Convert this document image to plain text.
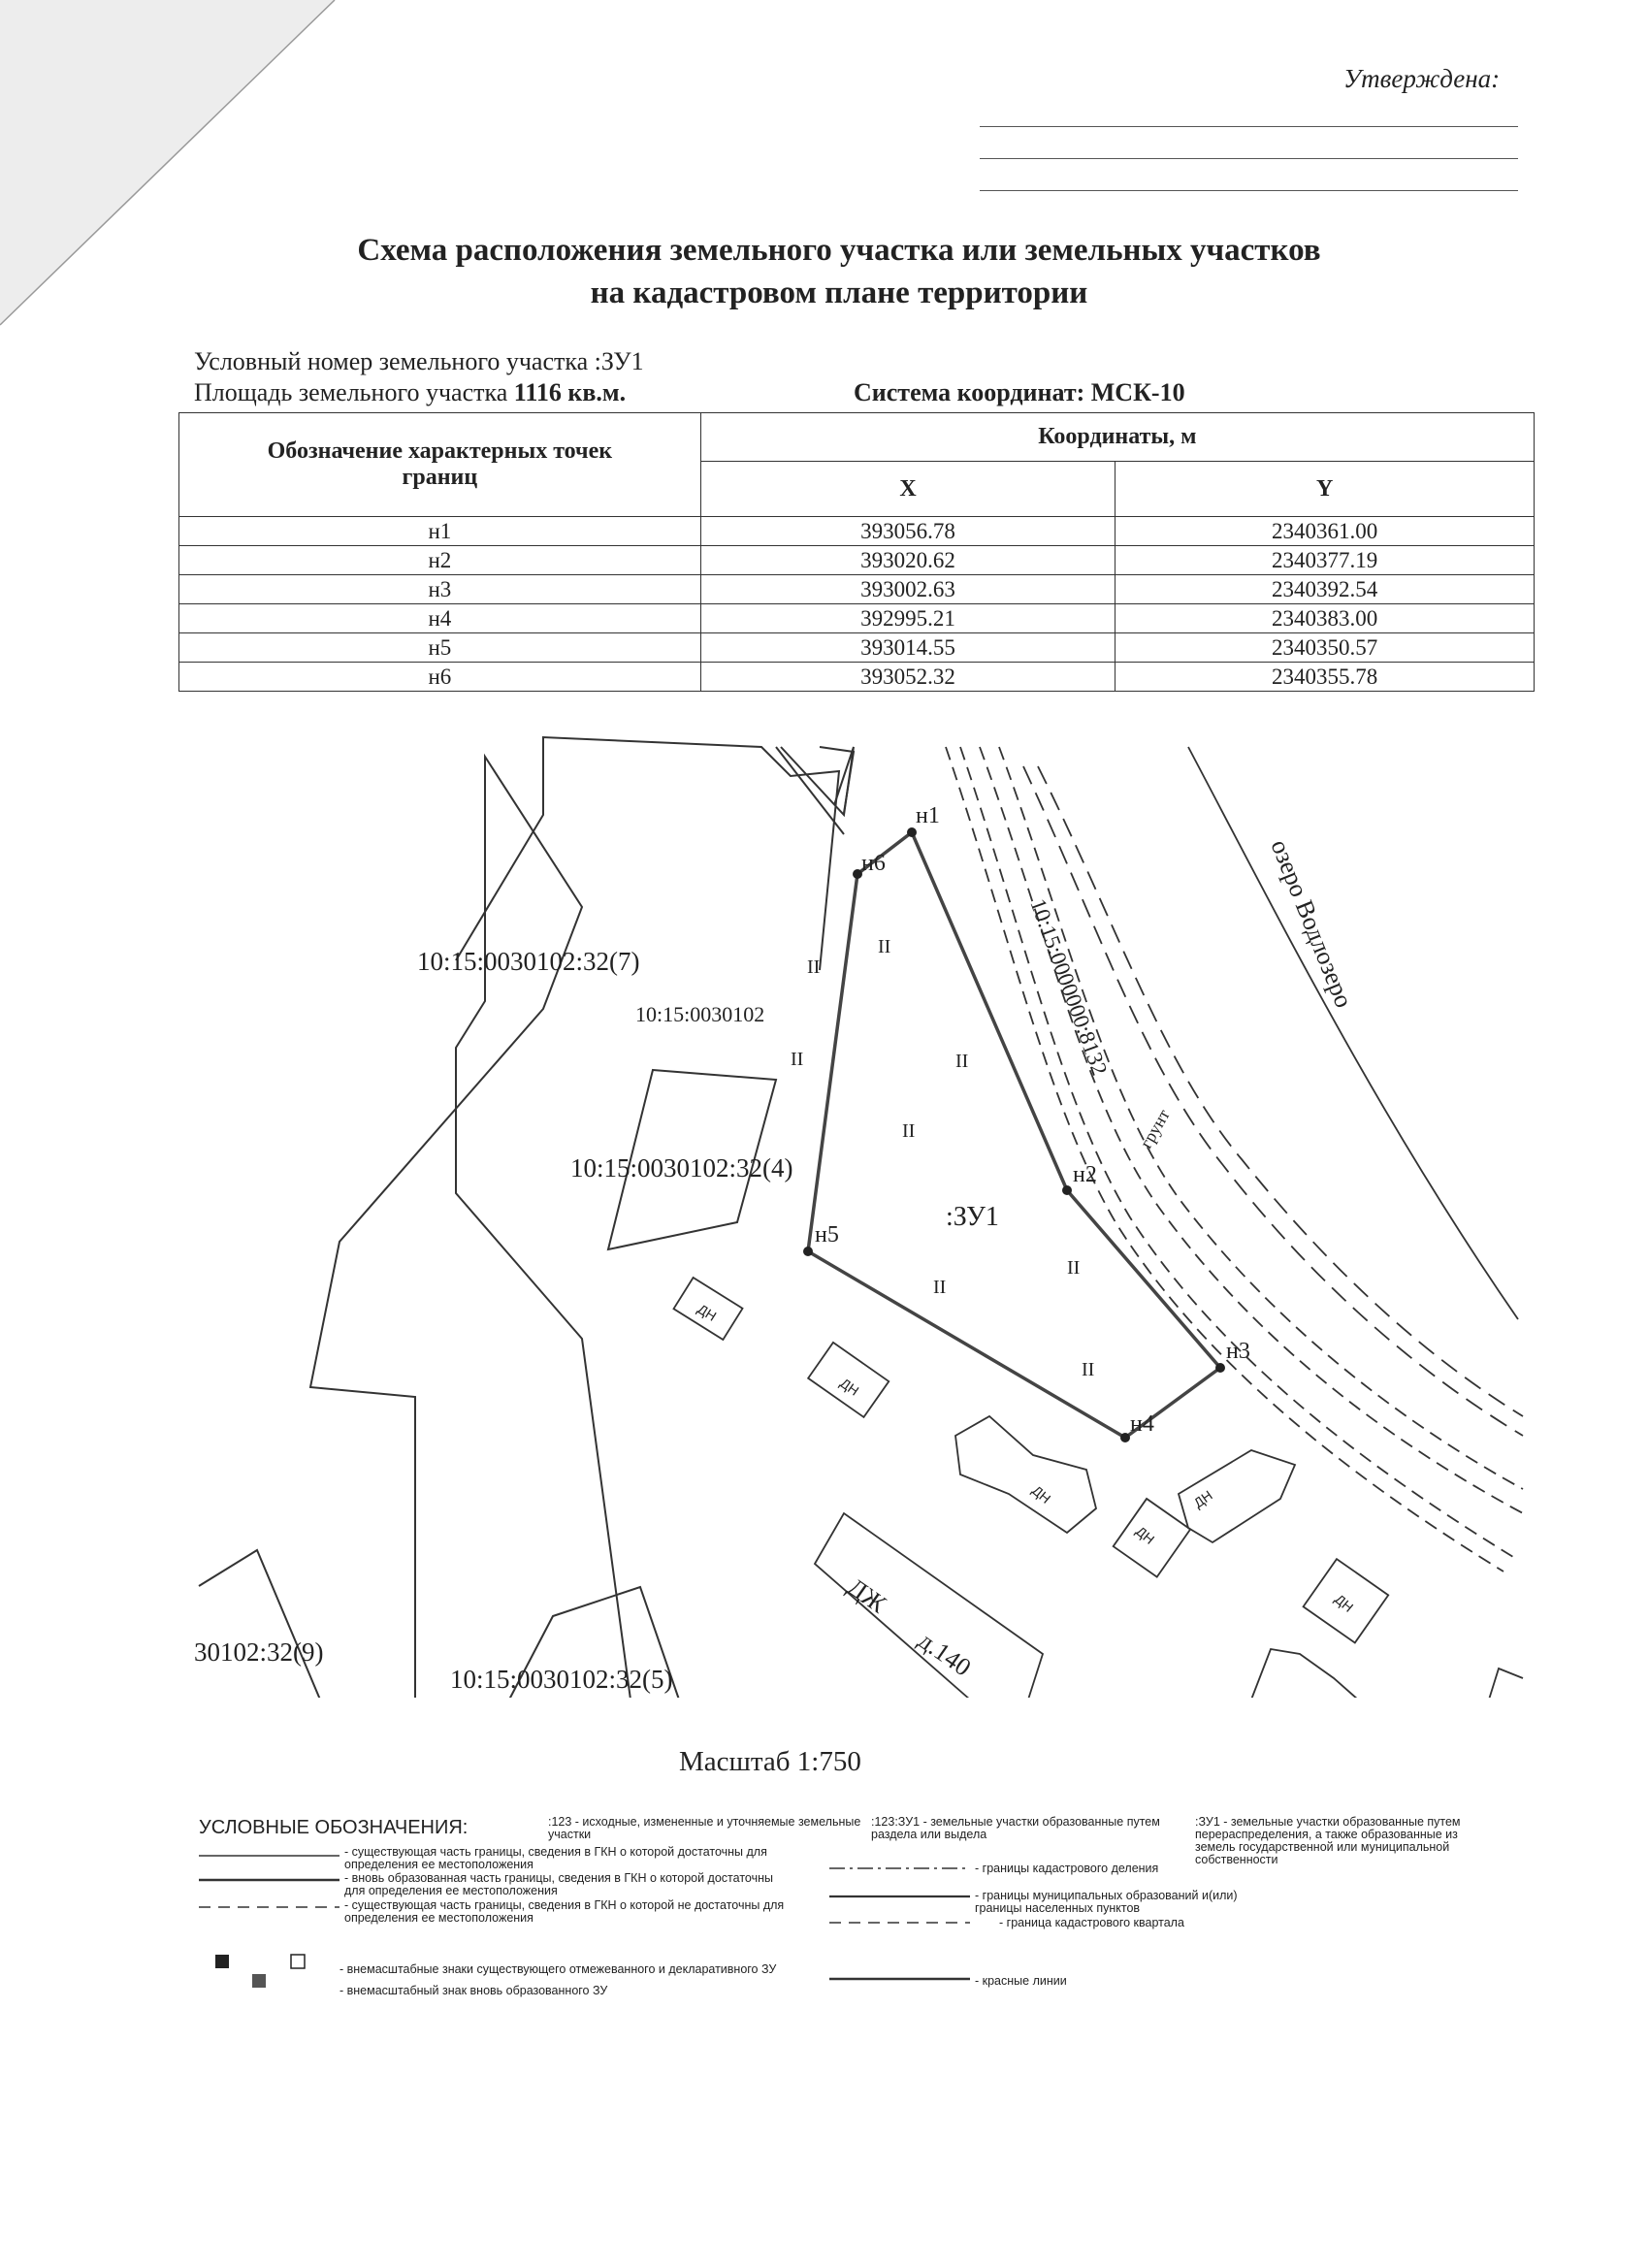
Утверждена:
Схема расположения земельного участка или земельных участков
на кадастровом плане территории
Условный номер земельного участка :ЗУ1
Площадь земельного участка 1116 кв.м.	Система координат: МСК-10
Обозначение характерных точек границ	Координаты, м	
	X	Y
н1	393056.78	2340361.00
н2	393020.62	2340377.19
н3	393002.63	2340392.54
н4	392995.21	2340383.00
н5	393014.55	2340350.57
н6	393052.32	2340355.78
10:15:0030102:32(7)
10:15:0030102
10:15:0030102:32(4)
30102:32(9)
10:15:0030102:32(5)
10:15:0000000:8132	озеро Водлозеро
грунт
:ЗУ1
н1
н2
н3
н4
н5
н6
ДЖ
д.140
ДН
ДН
ДН
ДН
ДН
ДН
II
II
II	II
II
II
II
II
Масштаб 1:750
УСЛОВНЫЕ ОБОЗНАЧЕНИЯ:	:123 - исходные, измененные и уточняемые земельные участки
:123:ЗУ1 - земельные участки образованные путем раздела или выдела
:ЗУ1 - земельные участки образованные путем перераспределения, а также образованные из земель государственной или муниципальной собственности
- существующая часть границы, сведения в ГКН о которой достаточны для определения ее местоположения
- вновь образованная часть границы, сведения в ГКН о которой достаточны для определения ее местоположения
- существующая часть границы, сведения в ГКН о которой не достаточны для определения ее местоположения
- границы кадастрового деления
- границы муниципальных образований и(или) границы населенных пунктов
- граница кадастрового квартала
- внемасштабные знаки существующего отмежеванного и декларативного ЗУ
- внемасштабный знак вновь образованного ЗУ
- красные линии
